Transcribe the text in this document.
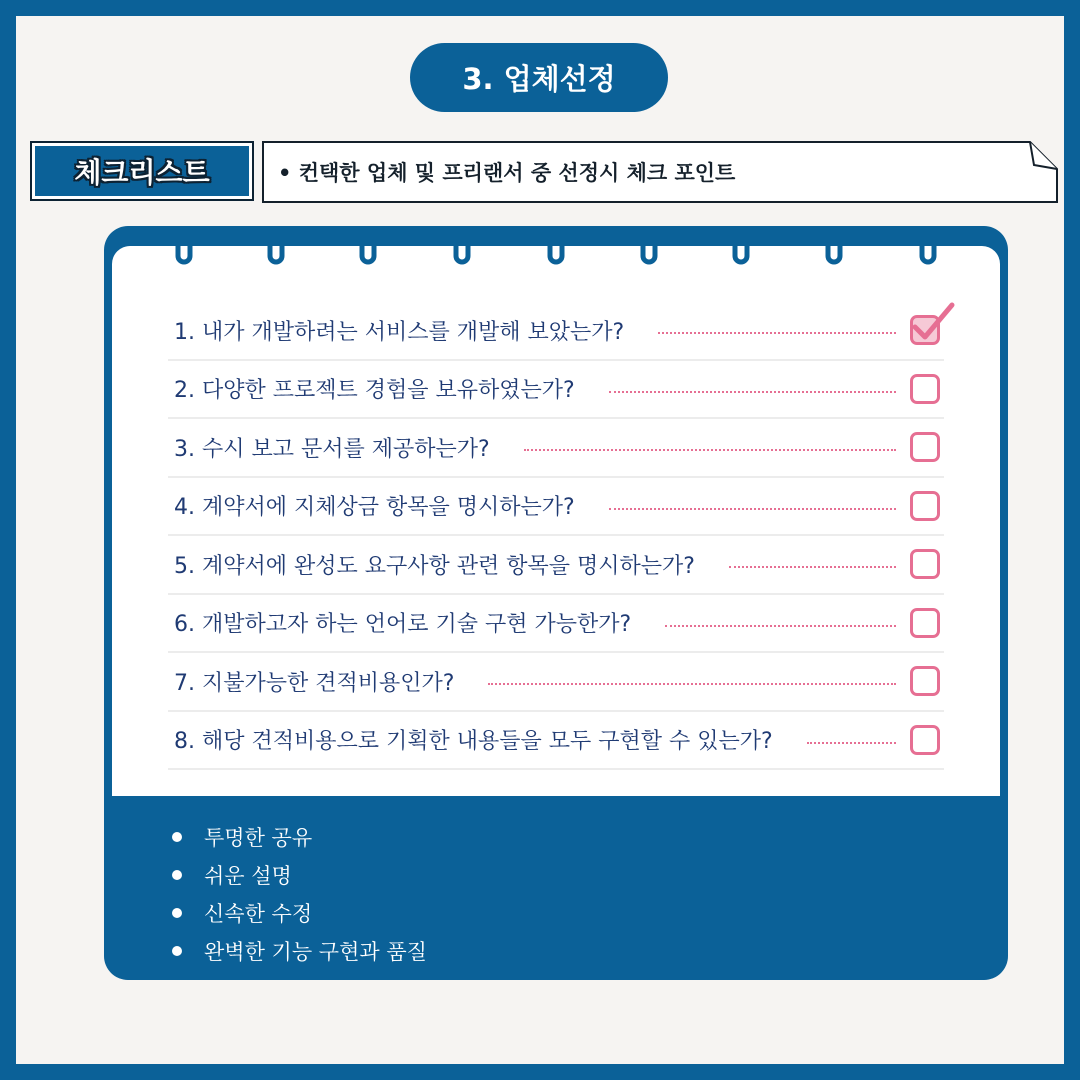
3. 업체선정
체크리스트	• 컨택한 업체 및 프리랜서 중 선정시 체크 포인트
1. 내가 개발하려는 서비스를 개발해 보았는가?
2. 다양한 프로젝트 경험을 보유하였는가?
3. 수시 보고 문서를 제공하는가?
4. 계약서에 지체상금 항목을 명시하는가?
5. 계약서에 완성도 요구사항 관련 항목을 명시하는가?
6. 개발하고자 하는 언어로 기술 구현 가능한가?
7. 지불가능한 견적비용인가?
8. 해당 견적비용으로 기획한 내용들을 모두 구현할 수 있는가?
투명한 공유
쉬운 설명
신속한 수정
완벽한 기능 구현과 품질
